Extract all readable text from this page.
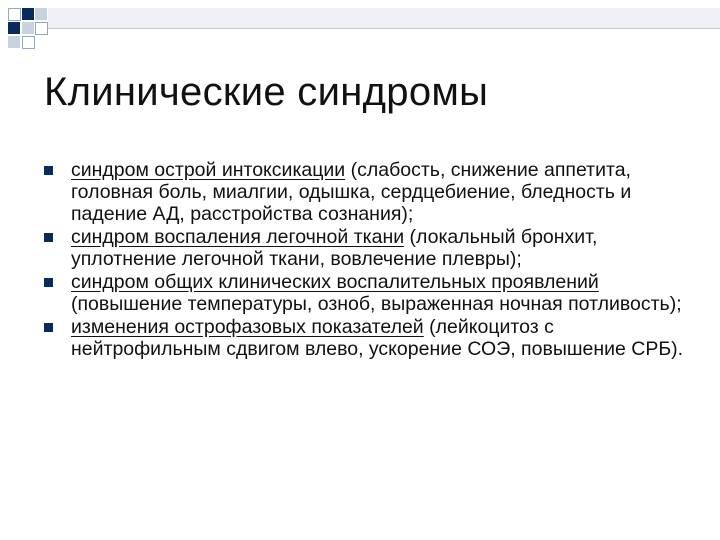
Клинические синдромы
синдром острой интоксикации (слабость, снижение аппетита, головная боль, миалгии, одышка, сердцебиение, бледность и падение АД, расстройства сознания);
синдром воспаления легочной ткани (локальный бронхит, уплотнение легочной ткани, вовлечение плевры);
синдром общих клинических воспалительных проявлений (повышение температуры, озноб, выраженная ночная потливость);
изменения острофазовых показателей (лейкоцитоз с нейтрофильным сдвигом влево, ускорение СОЭ, повышение СРБ).
